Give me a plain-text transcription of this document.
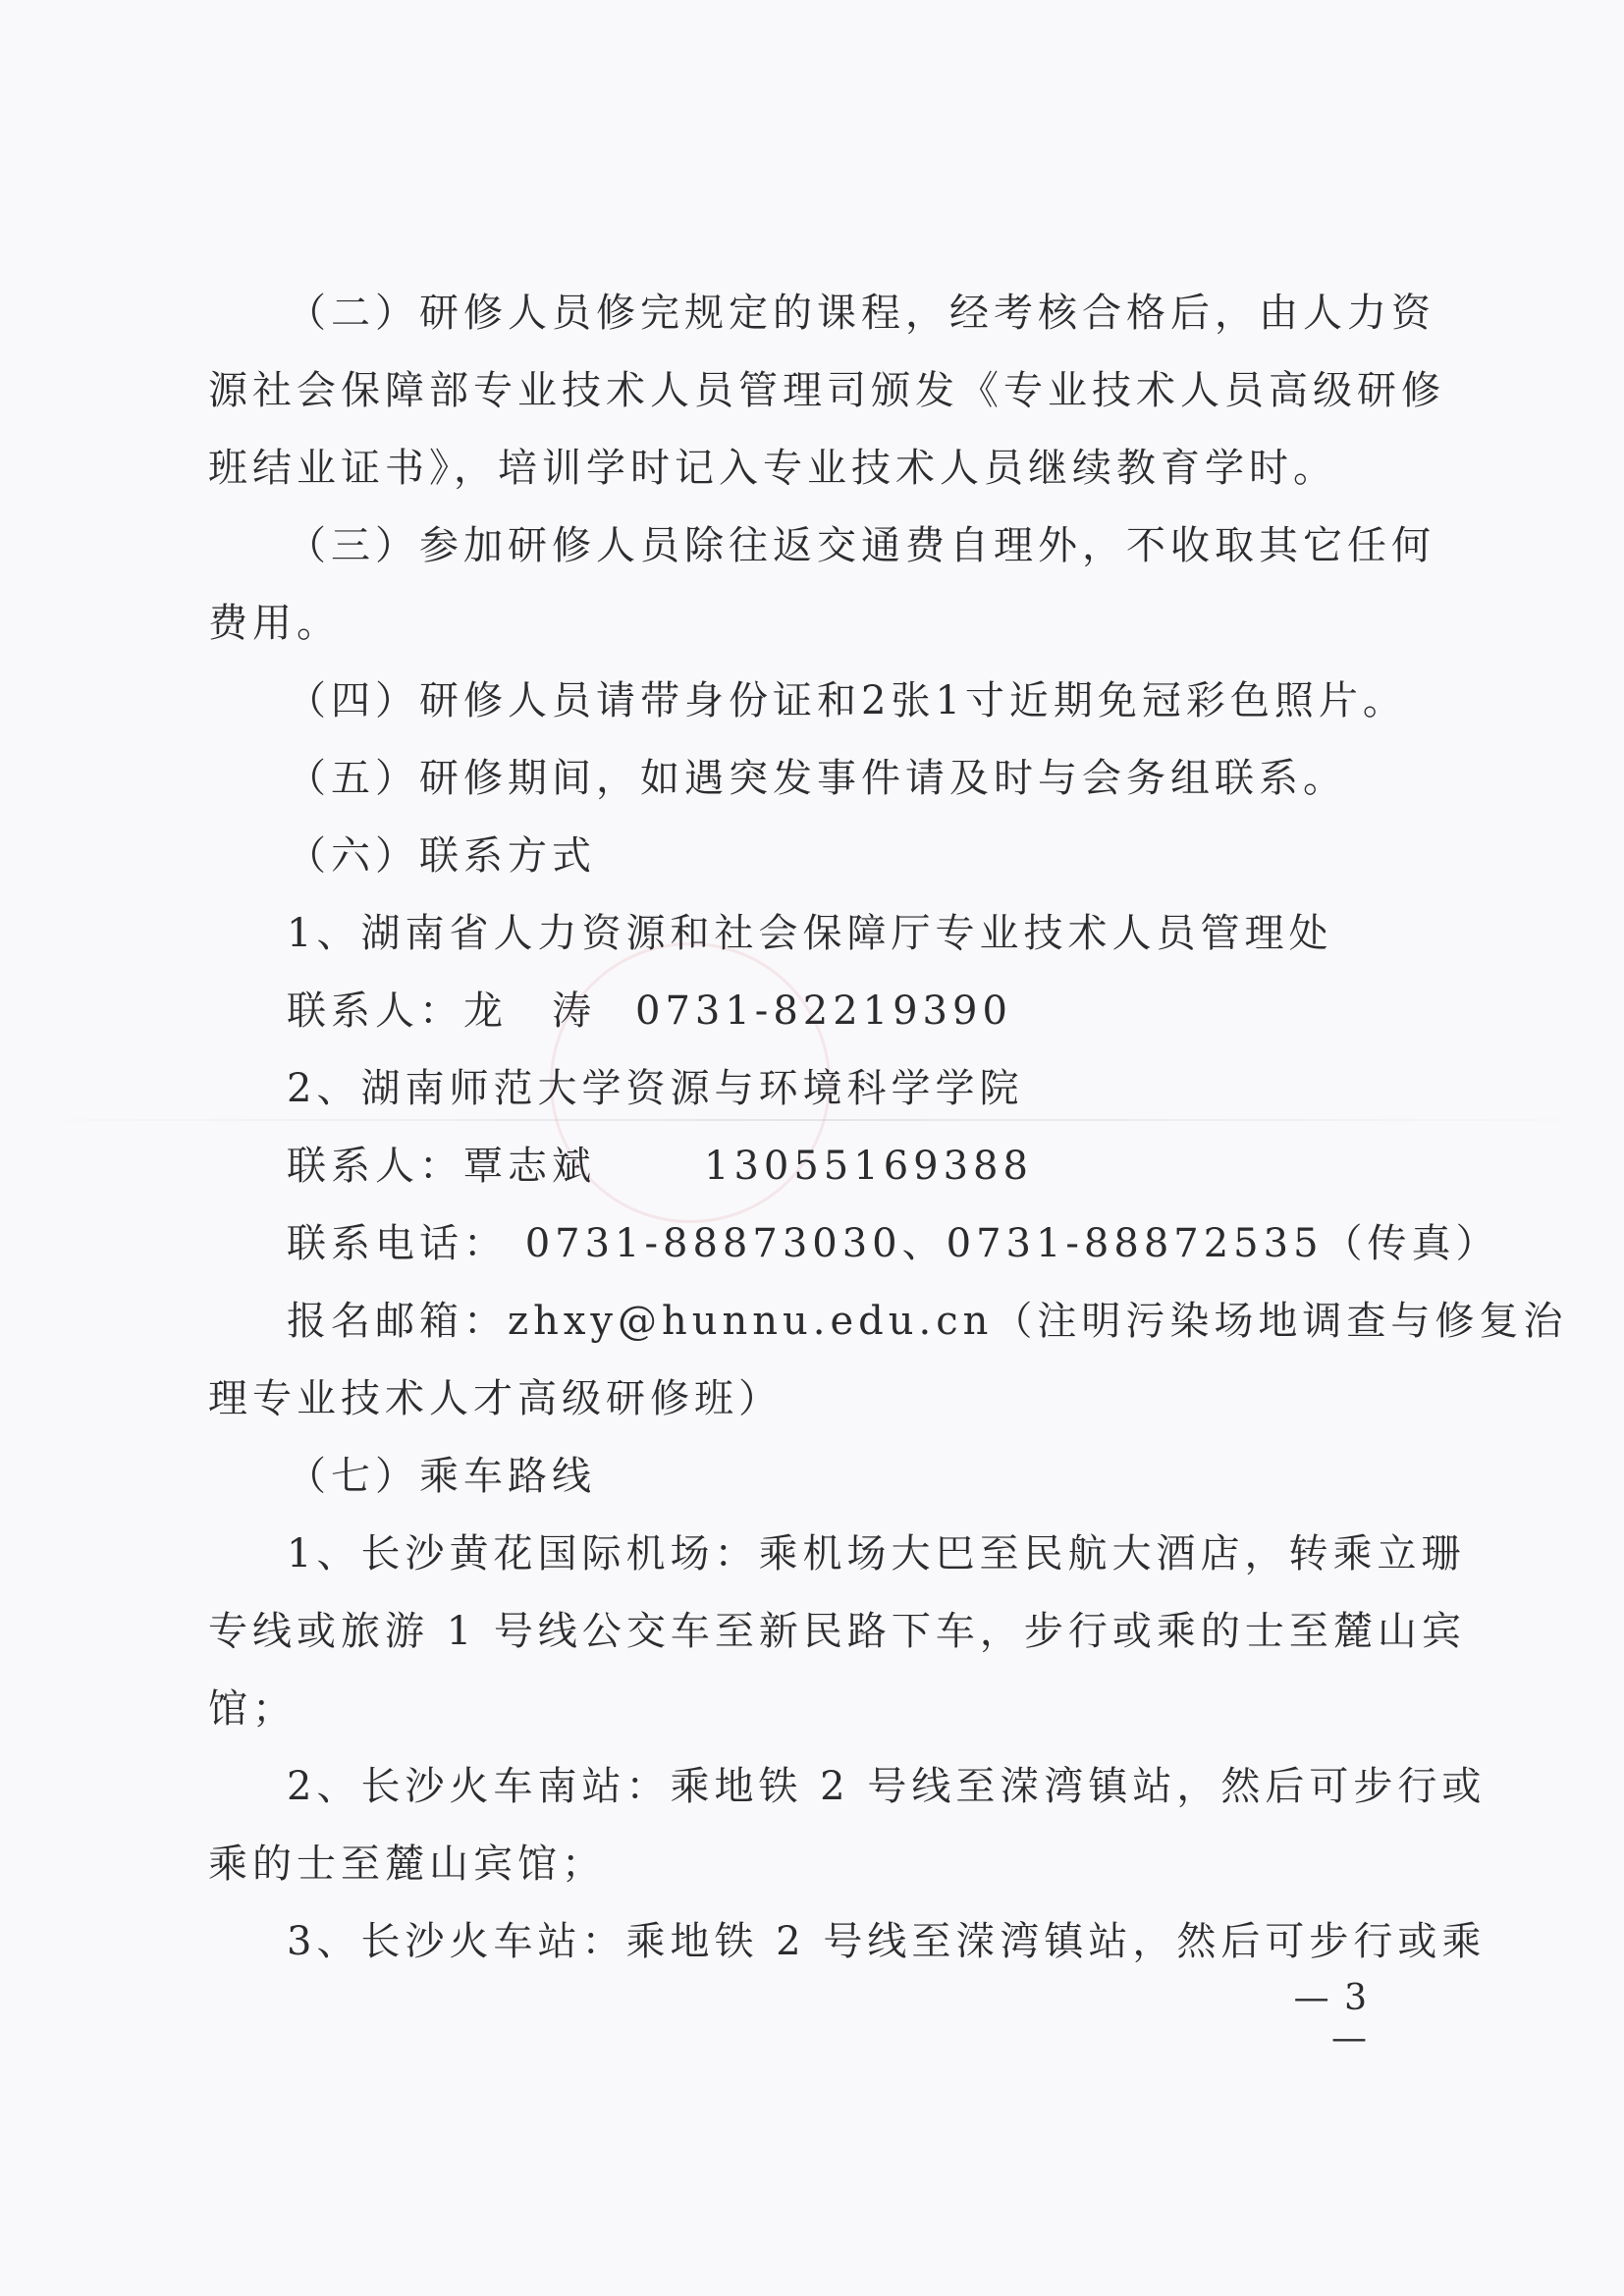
（二）研修人员修完规定的课程，经考核合格后，由人力资
源社会保障部专业技术人员管理司颁发《专业技术人员高级研修
班结业证书》，培训学时记入专业技术人员继续教育学时。
（三）参加研修人员除往返交通费自理外，不收取其它任何
费用。
（四）研修人员请带身份证和2张1寸近期免冠彩色照片。
（五）研修期间，如遇突发事件请及时与会务组联系。
（六）联系方式
1、湖南省人力资源和社会保障厅专业技术人员管理处
联系人：龙　涛 0731-82219390
2、湖南师范大学资源与环境科学学院
联系人：覃志斌	13055169388
联系电话： 0731-88873030、0731-88872535（传真）
报名邮箱：zhxy@hunnu.edu.cn（注明污染场地调查与修复治
理专业技术人才高级研修班）
（七）乘车路线
1、长沙黄花国际机场：乘机场大巴至民航大酒店，转乘立珊
专线或旅游 1 号线公交车至新民路下车，步行或乘的士至麓山宾
馆；
2、长沙火车南站：乘地铁 2 号线至溁湾镇站，然后可步行或
乘的士至麓山宾馆；
3、长沙火车站：乘地铁 2 号线至溁湾镇站，然后可步行或乘
— 3 —
